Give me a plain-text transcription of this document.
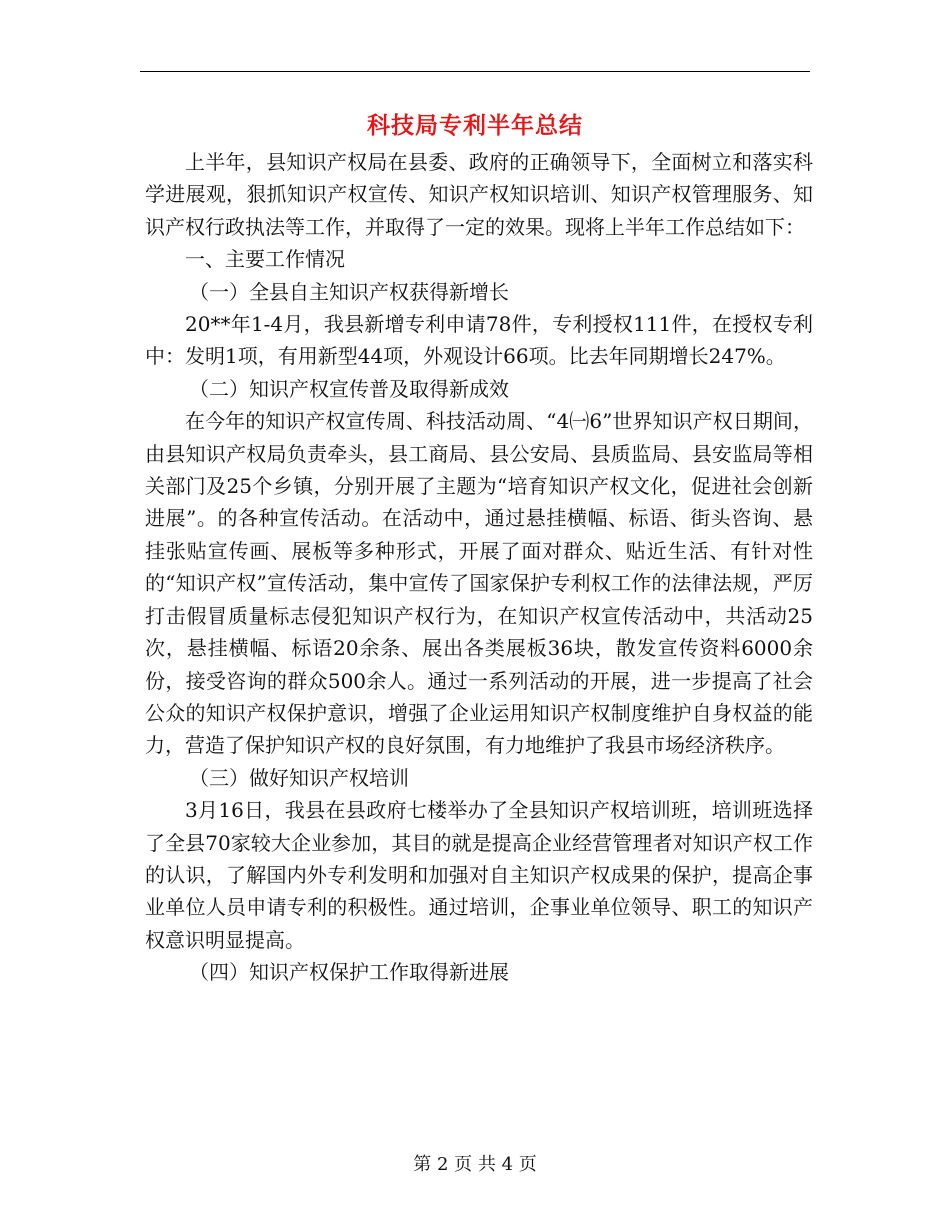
科技局专利半年总结

上半年，县知识产权局在县委、政府的正确领导下，全面树立和落实科学进展观，狠抓知识产权宣传、知识产权知识培训、知识产权管理服务、知识产权行政执法等工作，并取得了一定的效果。现将上半年工作总结如下：

一、主要工作情况

（一）全县自主知识产权获得新增长

20**年1-4月，我县新增专利申请78件，专利授权111件，在授权专利中：发明1项，有用新型44项，外观设计66项。比去年同期增长247%。

（二）知识产权宣传普及取得新成效

在今年的知识产权宣传周、科技活动周、“4㈠6”世界知识产权日期间，由县知识产权局负责牵头，县工商局、县公安局、县质监局、县安监局等相关部门及25个乡镇，分别开展了主题为“培育知识产权文化，促进社会创新进展”。的各种宣传活动。在活动中，通过悬挂横幅、标语、街头咨询、悬挂张贴宣传画、展板等多种形式，开展了面对群众、贴近生活、有针对性的“知识产权”宣传活动，集中宣传了国家保护专利权工作的法律法规，严厉打击假冒质量标志侵犯知识产权行为，在知识产权宣传活动中，共活动25次，悬挂横幅、标语20余条、展出各类展板36块，散发宣传资料6000余份，接受咨询的群众500余人。通过一系列活动的开展，进一步提高了社会公众的知识产权保护意识，增强了企业运用知识产权制度维护自身权益的能力，营造了保护知识产权的良好氛围，有力地维护了我县市场经济秩序。

（三）做好知识产权培训

3月16日，我县在县政府七楼举办了全县知识产权培训班，培训班选择了全县70家较大企业参加，其目的就是提高企业经营管理者对知识产权工作的认识，了解国内外专利发明和加强对自主知识产权成果的保护，提高企事业单位人员申请专利的积极性。通过培训，企事业单位领导、职工的知识产权意识明显提高。

（四）知识产权保护工作取得新进展

第 2 页 共 4 页
